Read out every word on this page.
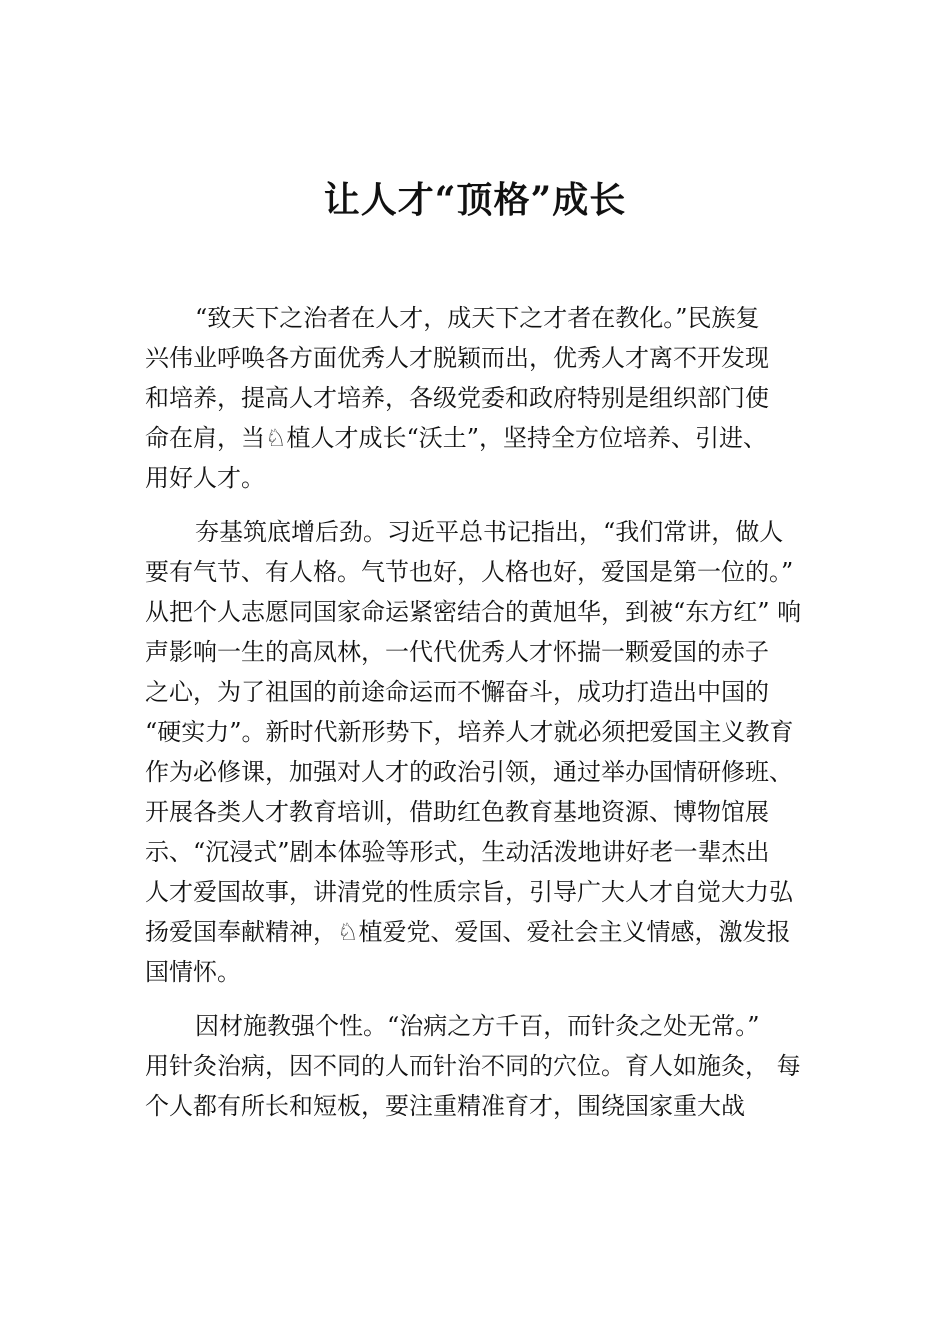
让人才“顶格”成长
“致天下之治者在人才，成天下之才者在教化。”民族复
兴伟业呼唤各方面优秀人才脱颖而出，优秀人才离不开发现
和培养，提高人才培养，各级党委和政府特别是组织部门使
命在肩，当♘植人才成长“沃土”，坚持全方位培养、引进、
用好人才。
夯基筑底增后劲。习近平总书记指出，“我们常讲，做人
要有气节、有人格。气节也好，人格也好，爱国是第一位的。”
从把个人志愿同国家命运紧密结合的黄旭华，到被“东方红” 响
声影响一生的高凤林，一代代优秀人才怀揣一颗爱国的赤子
之心，为了祖国的前途命运而不懈奋斗，成功打造出中国的
“硬实力”。新时代新形势下，培养人才就必须把爱国主义教育
作为必修课，加强对人才的政治引领，通过举办国情研修班、
开展各类人才教育培训，借助红色教育基地资源、博物馆展
示、“沉浸式”剧本体验等形式，生动活泼地讲好老一辈杰出
人才爱国故事，讲清党的性质宗旨，引导广大人才自觉大力弘
扬爱国奉献精神，♘植爱党、爱国、爱社会主义情感，激发报
国情怀。
因材施教强个性。“治病之方千百，而针灸之处无常。”
用针灸治病，因不同的人而针治不同的穴位。育人如施灸， 每
个人都有所长和短板，要注重精准育才，围绕国家重大战
